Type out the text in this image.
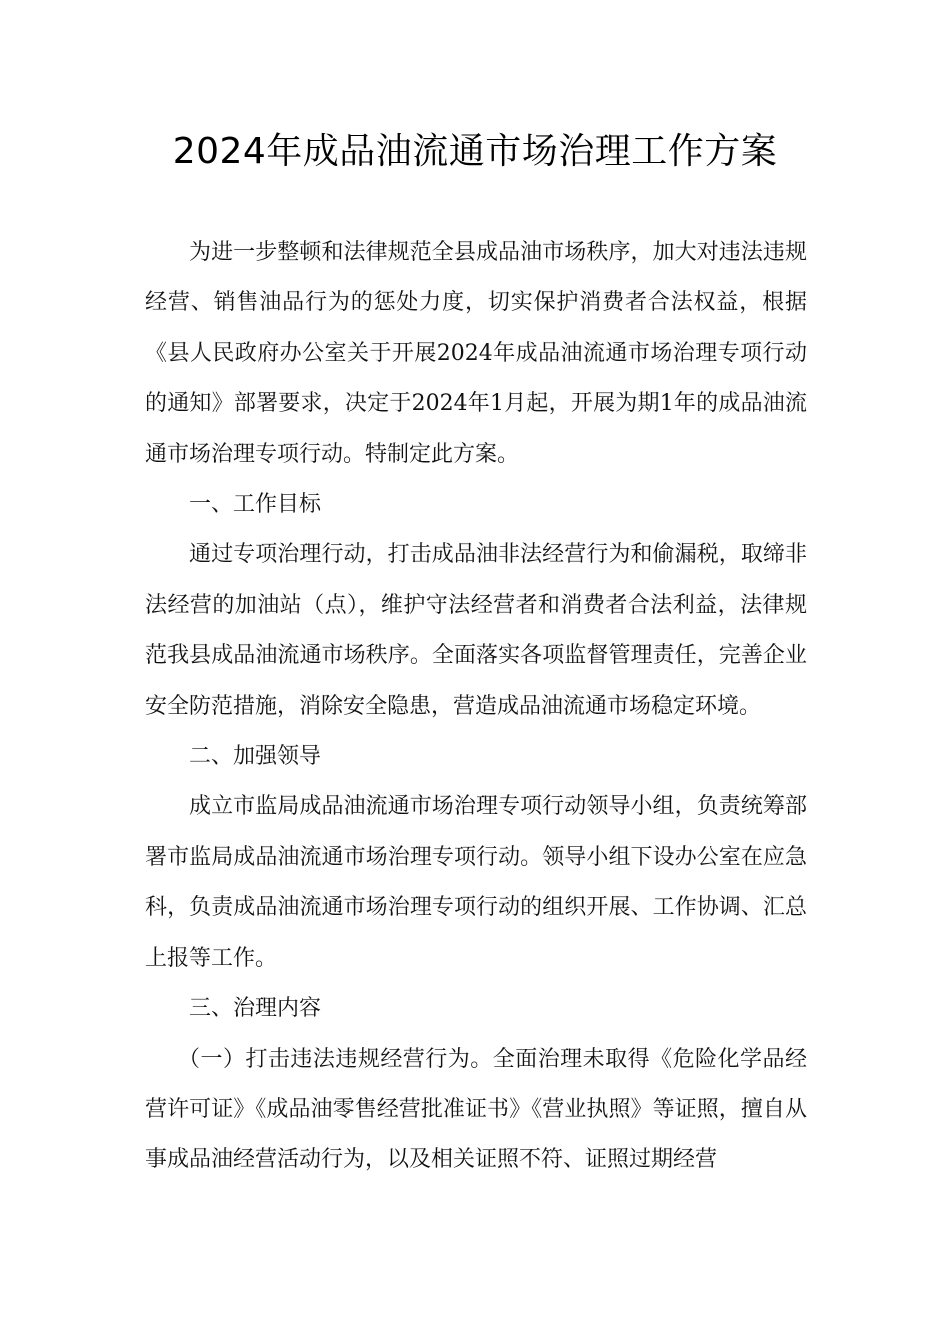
2024年成品油流通市场治理工作方案

为进一步整顿和法律规范全县成品油市场秩序，加大对违法违规经营、销售油品行为的惩处力度，切实保护消费者合法权益，根据《县人民政府办公室关于开展2024年成品油流通市场治理专项行动的通知》部署要求，决定于2024年1月起，开展为期1年的成品油流通市场治理专项行动。特制定此方案。

一、工作目标

通过专项治理行动，打击成品油非法经营行为和偷漏税，取缔非法经营的加油站（点），维护守法经营者和消费者合法利益，法律规范我县成品油流通市场秩序。全面落实各项监督管理责任，完善企业安全防范措施，消除安全隐患，营造成品油流通市场稳定环境。

二、加强领导

成立市监局成品油流通市场治理专项行动领导小组，负责统筹部署市监局成品油流通市场治理专项行动。领导小组下设办公室在应急科，负责成品油流通市场治理专项行动的组织开展、工作协调、汇总上报等工作。

三、治理内容

（一）打击违法违规经营行为。全面治理未取得《危险化学品经营许可证》《成品油零售经营批准证书》《营业执照》等证照，擅自从事成品油经营活动行为，以及相关证照不符、证照过期经营
